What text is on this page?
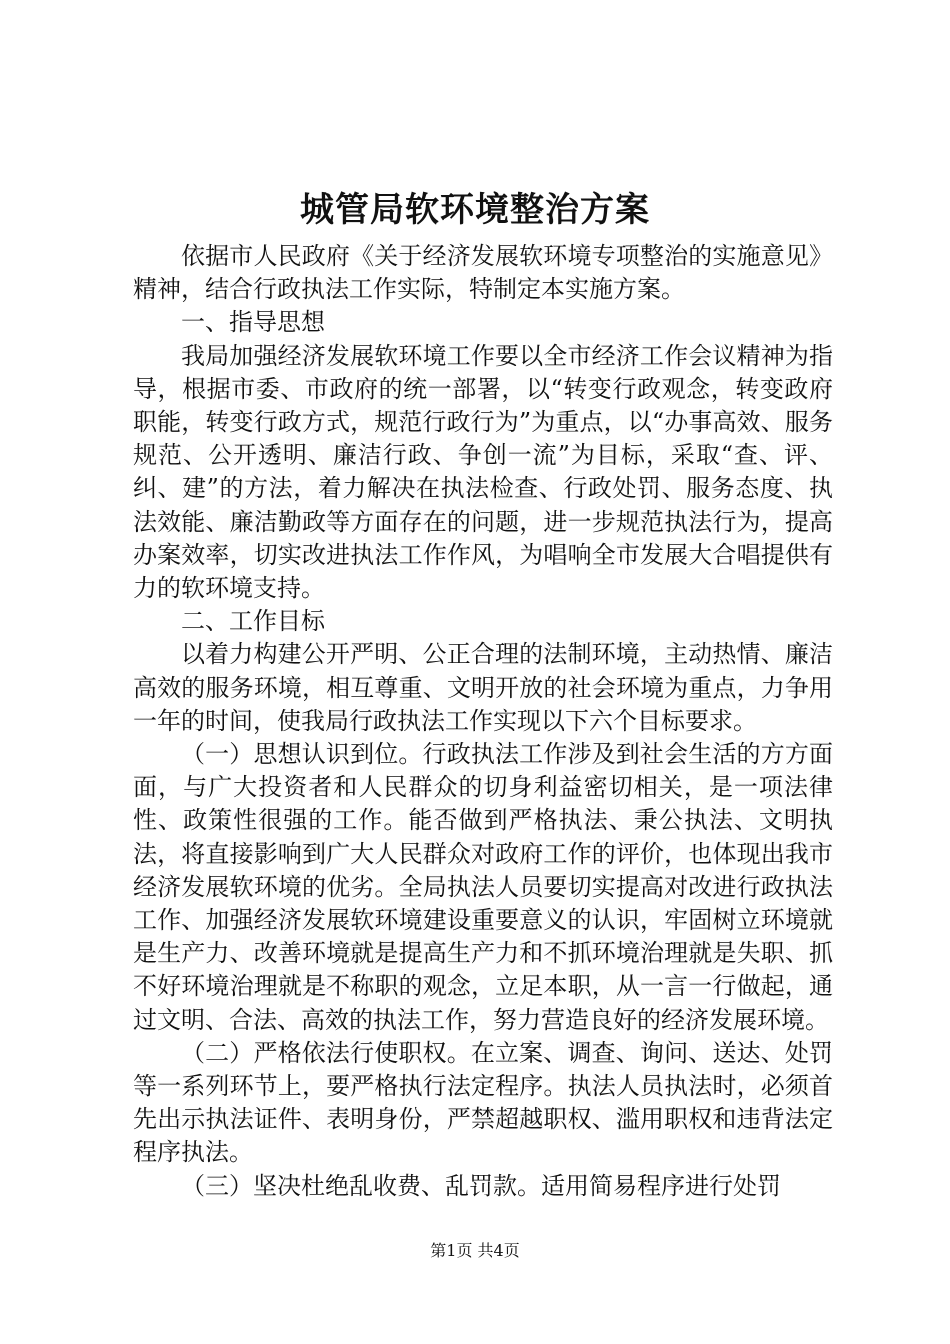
城管局软环境整治方案

依据市人民政府《关于经济发展软环境专项整治的实施意见》精神，结合行政执法工作实际，特制定本实施方案。

一、指导思想

我局加强经济发展软环境工作要以全市经济工作会议精神为指导，根据市委、市政府的统一部署，以“转变行政观念，转变政府职能，转变行政方式，规范行政行为”为重点，以“办事高效、服务规范、公开透明、廉洁行政、争创一流”为目标，采取“查、评、纠、建”的方法，着力解决在执法检查、行政处罚、服务态度、执法效能、廉洁勤政等方面存在的问题，进一步规范执法行为，提高办案效率，切实改进执法工作作风，为唱响全市发展大合唱提供有力的软环境支持。

二、工作目标

以着力构建公开严明、公正合理的法制环境，主动热情、廉洁高效的服务环境，相互尊重、文明开放的社会环境为重点，力争用一年的时间，使我局行政执法工作实现以下六个目标要求。

（一）思想认识到位。行政执法工作涉及到社会生活的方方面面，与广大投资者和人民群众的切身利益密切相关，是一项法律性、政策性很强的工作。能否做到严格执法、秉公执法、文明执法，将直接影响到广大人民群众对政府工作的评价，也体现出我市经济发展软环境的优劣。全局执法人员要切实提高对改进行政执法工作、加强经济发展软环境建设重要意义的认识，牢固树立环境就是生产力、改善环境就是提高生产力和不抓环境治理就是失职、抓不好环境治理就是不称职的观念，立足本职，从一言一行做起，通过文明、合法、高效的执法工作，努力营造良好的经济发展环境。

（二）严格依法行使职权。在立案、调查、询问、送达、处罚等一系列环节上，要严格执行法定程序。执法人员执法时，必须首先出示执法证件、表明身份，严禁超越职权、滥用职权和违背法定程序执法。

（三）坚决杜绝乱收费、乱罚款。适用简易程序进行处罚

第1页 共4页
